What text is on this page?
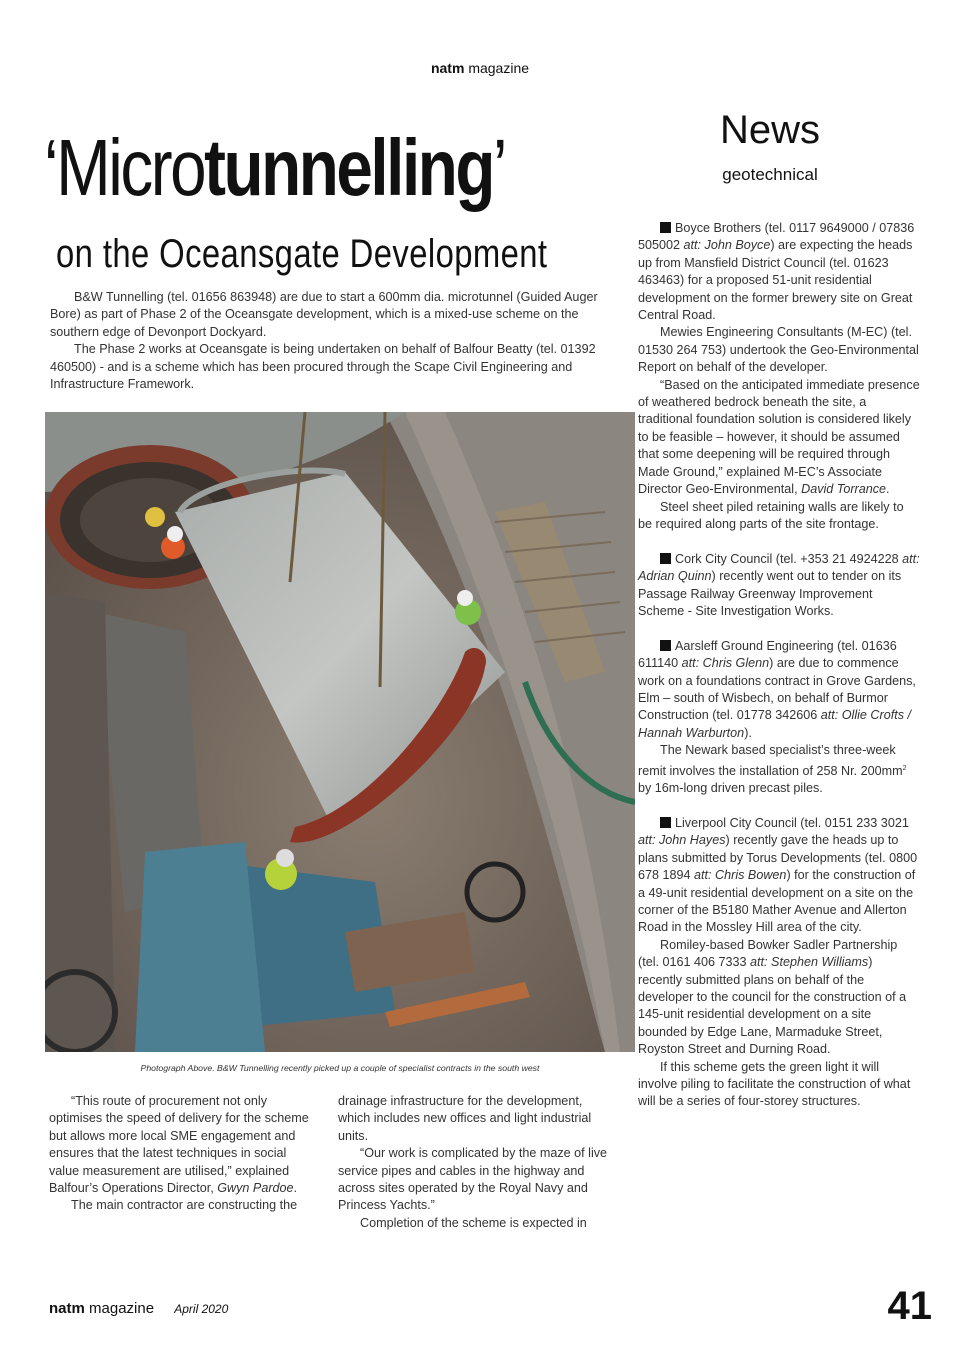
natm magazine
‘Microtunnelling’
on the Oceansgate Development
News
geotechnical

B&W Tunnelling (tel. 01656 863948) are due to start a 600mm dia. microtunnel (Guided Auger Bore) as part of Phase 2 of the Oceansgate development, which is a mixed-use scheme on the southern edge of Devonport Dockyard.

The Phase 2 works at Oceansgate is being undertaken on behalf of Balfour Beatty (tel. 01392 460500) - and is a scheme which has been procured through the Scape Civil Engineering and Infrastructure Framework.

Photograph Above. B&W Tunnelling recently picked up a couple of specialist contracts in the south west

“This route of procurement not only optimises the speed of delivery for the scheme but allows more local SME engagement and ensures that the latest techniques in social value measurement are utilised,” explained Balfour’s Operations Director, Gwyn Pardoe.

The main contractor are constructing the

drainage infrastructure for the development, which includes new offices and light industrial units.

“Our work is complicated by the maze of live service pipes and cables in the highway and across sites operated by the Royal Navy and Princess Yachts.”

Completion of the scheme is expected in

Boyce Brothers (tel. 0117 9649000 / 07836 505002 att: John Boyce) are expecting the heads up from Mansfield District Council (tel. 01623 463463) for a proposed 51-unit residential development on the former brewery site on Great Central Road.

Mewies Engineering Consultants (M-EC) (tel. 01530 264 753) undertook the Geo-Environmental Report on behalf of the developer.

“Based on the anticipated immediate presence of weathered bedrock beneath the site, a traditional foundation solution is considered likely to be feasible – however, it should be assumed that some deepening will be required through Made Ground,” explained M-EC’s Associate Director Geo-Environmental, David Torrance.

Steel sheet piled retaining walls are likely to be required along parts of the site frontage.

Cork City Council (tel. +353 21 4924228 att: Adrian Quinn) recently went out to tender on its Passage Railway Greenway Improvement Scheme - Site Investigation Works.

Aarsleff Ground Engineering (tel. 01636 611140 att: Chris Glenn) are due to commence work on a foundations contract in Grove Gardens, Elm – south of Wisbech, on behalf of Burmor Construction (tel. 01778 342606 att: Ollie Crofts / Hannah Warburton).

The Newark based specialist’s three-week remit involves the installation of 258 Nr. $200mm^2$ by 16m-long driven precast piles.

Liverpool City Council (tel. 0151 233 3021 att: John Hayes) recently gave the heads up to plans submitted by Torus Developments (tel. 0800 678 1894 att: Chris Bowen) for the construction of a 49-unit residential development on a site on the corner of the B5180 Mather Avenue and Allerton Road in the Mossley Hill area of the city.

Romiley-based Bowker Sadler Partnership (tel. 0161 406 7333 att: Stephen Williams) recently submitted plans on behalf of the developer to the council for the construction of a 145-unit residential development on a site bounded by Edge Lane, Marmaduke Street, Royston Street and Durning Road.

If this scheme gets the green light it will involve piling to facilitate the construction of what will be a series of four-storey structures.

natm magazine April 2020	41
